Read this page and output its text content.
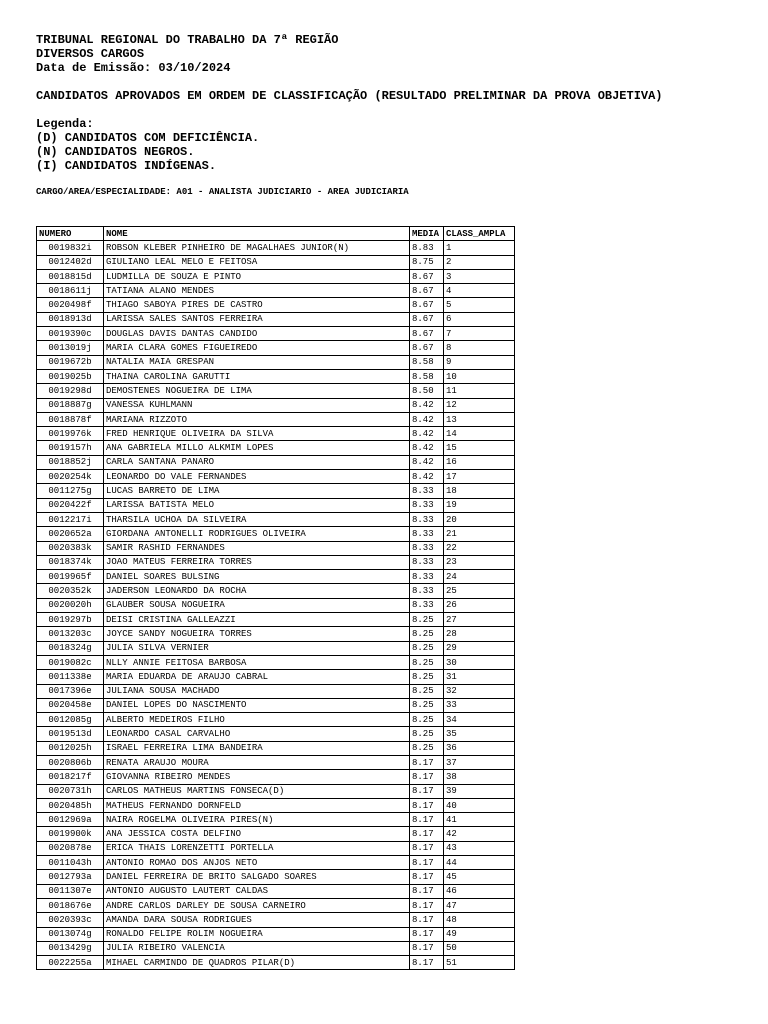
TRIBUNAL REGIONAL DO TRABALHO DA 7ª REGIÃO
DIVERSOS CARGOS
Data de Emissão: 03/10/2024
CANDIDATOS APROVADOS EM ORDEM DE CLASSIFICAÇÃO (RESULTADO PRELIMINAR DA PROVA OBJETIVA)
Legenda:
(D) CANDIDATOS COM DEFICIÊNCIA.
(N) CANDIDATOS NEGROS.
(I) CANDIDATOS INDÍGENAS.
CARGO/AREA/ESPECIALIDADE: A01 - ANALISTA JUDICIARIO - AREA JUDICIARIA
NUMERO	NOME	MEDIA	CLASS_AMPLA
0019832i	ROBSON KLEBER PINHEIRO DE MAGALHAES JUNIOR(N)	8.83	1
0012402d	GIULIANO LEAL MELO E FEITOSA	8.75	2
0018815d	LUDMILLA DE SOUZA E PINTO	8.67	3
0018611j	TATIANA ALANO MENDES	8.67	4
0020498f	THIAGO SABOYA PIRES DE CASTRO	8.67	5
0018913d	LARISSA SALES SANTOS FERREIRA	8.67	6
0019390c	DOUGLAS DAVIS DANTAS CANDIDO	8.67	7
0013019j	MARIA CLARA GOMES FIGUEIREDO	8.67	8
0019672b	NATALIA MAIA GRESPAN	8.58	9
0019025b	THAINA CAROLINA GARUTTI	8.58	10
0019298d	DEMOSTENES NOGUEIRA DE LIMA	8.50	11
0018887g	VANESSA KUHLMANN	8.42	12
0018878f	MARIANA RIZZOTO	8.42	13
0019976k	FRED HENRIQUE OLIVEIRA DA SILVA	8.42	14
0019157h	ANA GABRIELA MILLO ALKMIM LOPES	8.42	15
0018852j	CARLA SANTANA PANARO	8.42	16
0020254k	LEONARDO DO VALE FERNANDES	8.42	17
0011275g	LUCAS BARRETO DE LIMA	8.33	18
0020422f	LARISSA BATISTA MELO	8.33	19
0012217i	THARSILA UCHOA DA SILVEIRA	8.33	20
0020652a	GIORDANA ANTONELLI RODRIGUES OLIVEIRA	8.33	21
0020383k	SAMIR RASHID FERNANDES	8.33	22
0018374k	JOAO MATEUS FERREIRA TORRES	8.33	23
0019965f	DANIEL SOARES BULSING	8.33	24
0020352k	JADERSON LEONARDO DA ROCHA	8.33	25
0020020h	GLAUBER SOUSA NOGUEIRA	8.33	26
0019297b	DEISI CRISTINA GALLEAZZI	8.25	27
0013203c	JOYCE SANDY NOGUEIRA TORRES	8.25	28
0018324g	JULIA SILVA VERNIER	8.25	29
0019082c	NLLY ANNIE FEITOSA BARBOSA	8.25	30
0011338e	MARIA EDUARDA DE ARAUJO CABRAL	8.25	31
0017396e	JULIANA SOUSA MACHADO	8.25	32
0020458e	DANIEL LOPES DO NASCIMENTO	8.25	33
0012085g	ALBERTO MEDEIROS FILHO	8.25	34
0019513d	LEONARDO CASAL CARVALHO	8.25	35
0012025h	ISRAEL FERREIRA LIMA BANDEIRA	8.25	36
0020806b	RENATA ARAUJO MOURA	8.17	37
0018217f	GIOVANNA RIBEIRO MENDES	8.17	38
0020731h	CARLOS MATHEUS MARTINS FONSECA(D)	8.17	39
0020485h	MATHEUS FERNANDO DORNFELD	8.17	40
0012969a	NAIRA ROGELMA OLIVEIRA PIRES(N)	8.17	41
0019900k	ANA JESSICA COSTA DELFINO	8.17	42
0020878e	ERICA THAIS LORENZETTI PORTELLA	8.17	43
0011043h	ANTONIO ROMAO DOS ANJOS NETO	8.17	44
0012793a	DANIEL FERREIRA DE BRITO SALGADO SOARES	8.17	45
0011307e	ANTONIO AUGUSTO LAUTERT CALDAS	8.17	46
0018676e	ANDRE CARLOS DARLEY DE SOUSA CARNEIRO	8.17	47
0020393c	AMANDA DARA SOUSA RODRIGUES	8.17	48
0013074g	RONALDO FELIPE ROLIM NOGUEIRA	8.17	49
0013429g	JULIA RIBEIRO VALENCIA	8.17	50
0022255a	MIHAEL CARMINDO DE QUADROS PILAR(D)	8.17	51
